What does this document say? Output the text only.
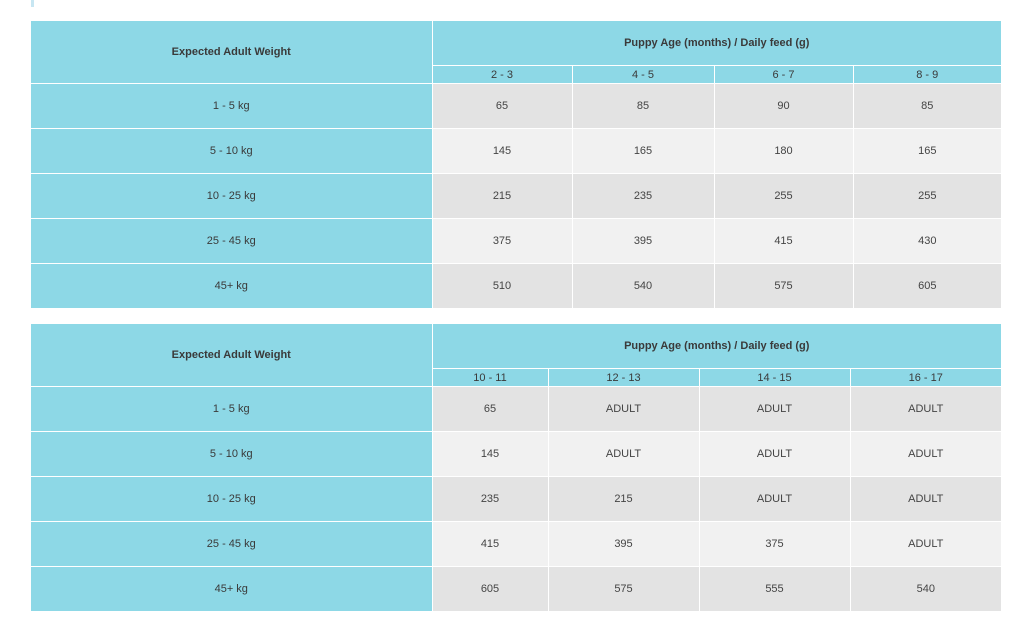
Expected Adult Weight	Puppy Age (months) / Daily feed (g)			
	2 - 3	4 - 5	6 - 7	8 - 9
1 - 5 kg	65	85	90	85
5 - 10 kg	145	165	180	165
10 - 25 kg	215	235	255	255
25 - 45 kg	375	395	415	430
45+ kg	510	540	575	605
Expected Adult Weight	Puppy Age (months) / Daily feed (g)			
	10 - 11	12 - 13	14 - 15	16 - 17
1 - 5 kg	65	ADULT	ADULT	ADULT
5 - 10 kg	145	ADULT	ADULT	ADULT
10 - 25 kg	235	215	ADULT	ADULT
25 - 45 kg	415	395	375	ADULT
45+ kg	605	575	555	540
